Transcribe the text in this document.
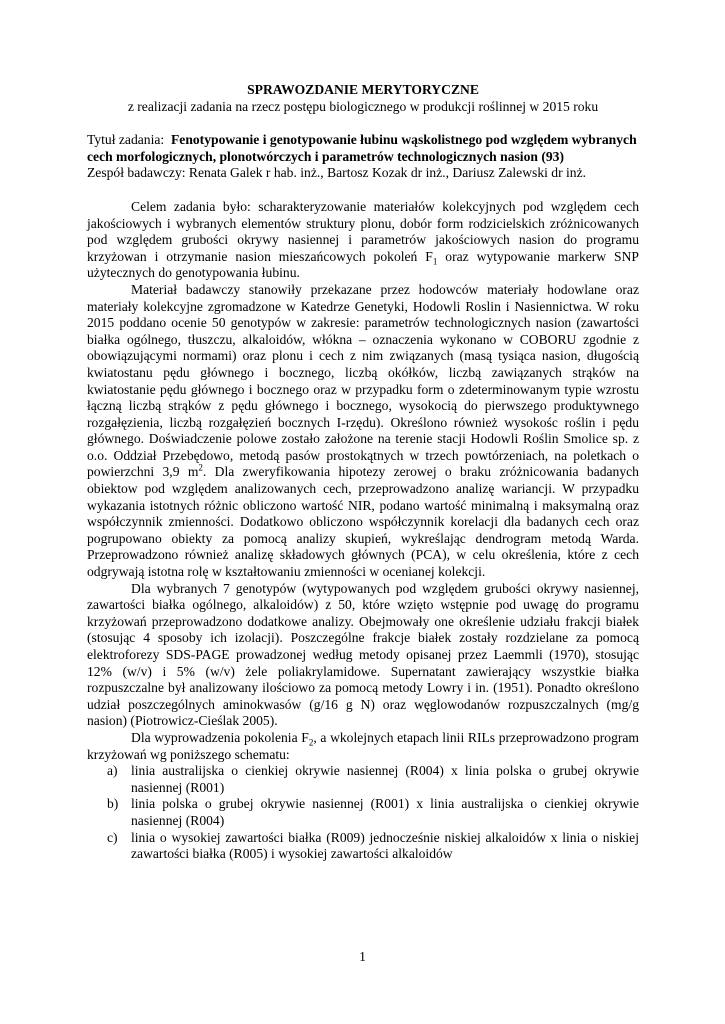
SPRAWOZDANIE MERYTORYCZNE

z realizacji zadania na rzecz postępu biologicznego w produkcji roślinnej w 2015 roku

Tytuł zadania: Fenotypowanie i genotypowanie łubinu wąskolistnego pod względem wybranych cech morfologicznych, plonotwórczych i parametrów technologicznych nasion (93)

Zespół badawczy: Renata Galek r hab. inż., Bartosz Kozak dr inż., Dariusz Zalewski dr inż.

Celem zadania było: scharakteryzowanie materiałów kolekcyjnych pod względem cech jakościowych i wybranych elementów struktury plonu, dobór form rodzicielskich zróżnicowanych pod względem grubości okrywy nasiennej i parametrów jakościowych nasion do programu krzyżowan i otrzymanie nasion mieszańcowych pokoleń $F_1$ oraz wytypowanie markerw SNP użytecznych do genotypowania łubinu.

Materiał badawczy stanowiły przekazane przez hodowców materiały hodowlane oraz materiały kolekcyjne zgromadzone w Katedrze Genetyki, Hodowli Roslin i Nasiennictwa. W roku 2015 poddano ocenie 50 genotypów w zakresie: parametrów technologicznych nasion (zawartości białka ogólnego, tłuszczu, alkaloidów, włókna – oznaczenia wykonano w COBORU zgodnie z obowiązującymi normami) oraz plonu i cech z nim związanych (masą tysiąca nasion, długością kwiatostanu pędu głównego i bocznego, liczbą okółków, liczbą zawiązanych strąków na kwiatostanie pędu głównego i bocznego oraz w przypadku form o zdeterminowanym typie wzrostu łączną liczbą strąków z pędu głównego i bocznego, wysokocią do pierwszego produktywnego rozgałęzienia, liczbą rozgałęzień bocznych I-rzędu). Określono również wysokośc roślin i pędu głównego. Doświadczenie polowe zostało założone na terenie stacji Hodowli Roślin Smolice sp. z o.o. Oddział Przebędowo, metodą pasów prostokątnych w trzech powtórzeniach, na poletkach o powierzchni 3,9 $m^2$. Dla zweryfikowania hipotezy zerowej o braku zróżnicowania badanych obiektow pod względem analizowanych cech, przeprowadzono analizę wariancji. W przypadku wykazania istotnych różnic obliczono wartość NIR, podano wartość minimalną i maksymalną oraz współczynnik zmienności. Dodatkowo obliczono współczynnik korelacji dla badanych cech oraz pogrupowano obiekty za pomocą analizy skupień, wykreślając dendrogram metodą Warda. Przeprowadzono również analizę składowych głównych (PCA), w celu określenia, które z cech odgrywają istotna rolę w kształtowaniu zmienności w ocenianej kolekcji.

Dla wybranych 7 genotypów (wytypowanych pod względem grubości okrywy nasiennej, zawartości białka ogólnego, alkaloidów) z 50, które wzięto wstępnie pod uwagę do programu krzyżowań przeprowadzono dodatkowe analizy. Obejmowały one określenie udziału frakcji białek (stosując 4 sposoby ich izolacji). Poszczególne frakcje białek zostały rozdzielane za pomocą elektroforezy SDS-PAGE prowadzonej według metody opisanej przez Laemmli (1970), stosując 12% (w/v) i 5% (w/v) żele poliakrylamidowe. Supernatant zawierający wszystkie białka rozpuszczalne był analizowany ilościowo za pomocą metody Lowry i in. (1951). Ponadto określono udział poszczególnych aminokwasów (g/16 g N) oraz węglowodanów rozpuszczalnych (mg/g nasion) (Piotrowicz-Cieślak 2005).

Dla wyprowadzenia pokolenia $F_2$, a wkolejnych etapach linii RILs przeprowadzono program krzyżowań wg poniższego schematu:

a) linia australijska o cienkiej okrywie nasiennej (R004) x linia polska o grubej okrywie nasiennej (R001)
b) linia polska o grubej okrywie nasiennej (R001) x linia australijska o cienkiej okrywie nasiennej (R004)
c) linia o wysokiej zawartości białka (R009) jednocześnie niskiej alkaloidów x linia o niskiej zawartości białka (R005) i wysokiej zawartości alkaloidów
1
